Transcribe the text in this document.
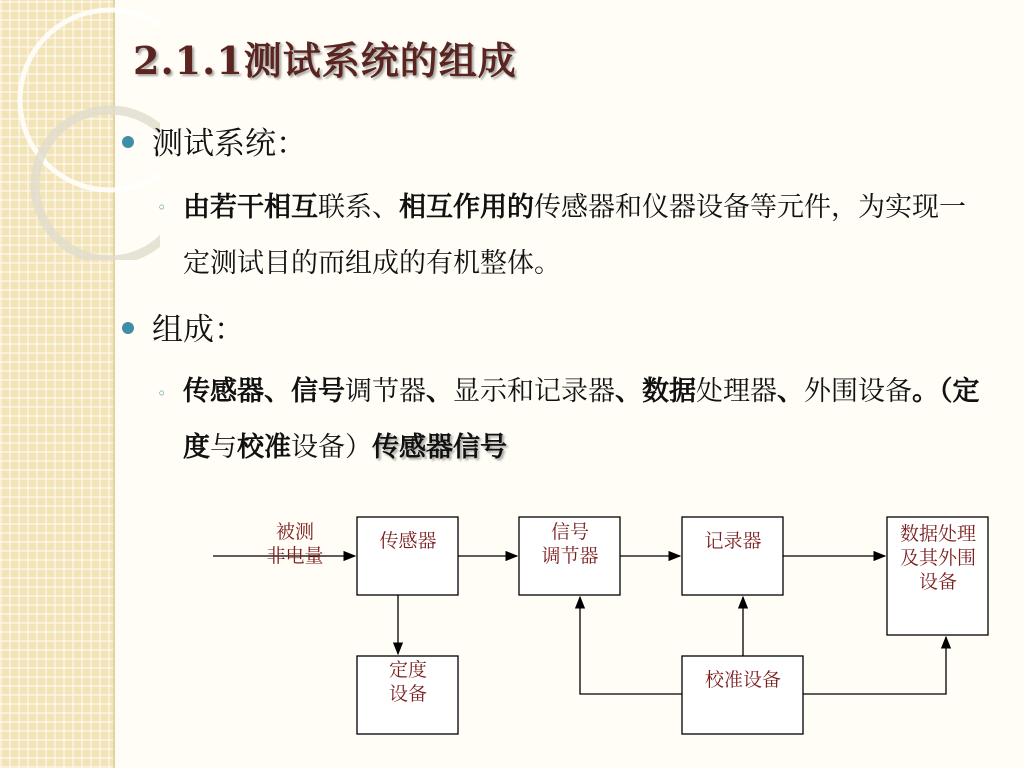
2.1.1测试系统的组成
测试系统：
◦ 由若干相互联系、相互作用的传感器和仪器设备等元件，为实现一定测试目的而组成的有机整体。
组成：
◦ 传感器、信号调节器、显示和记录器、数据处理器、外围设备。（定度与校准设备）传感器信号
被测
非电量
传感器	信号
调节器
记录器	数据处理
及其外围
设备
定度
设备
校准设备
